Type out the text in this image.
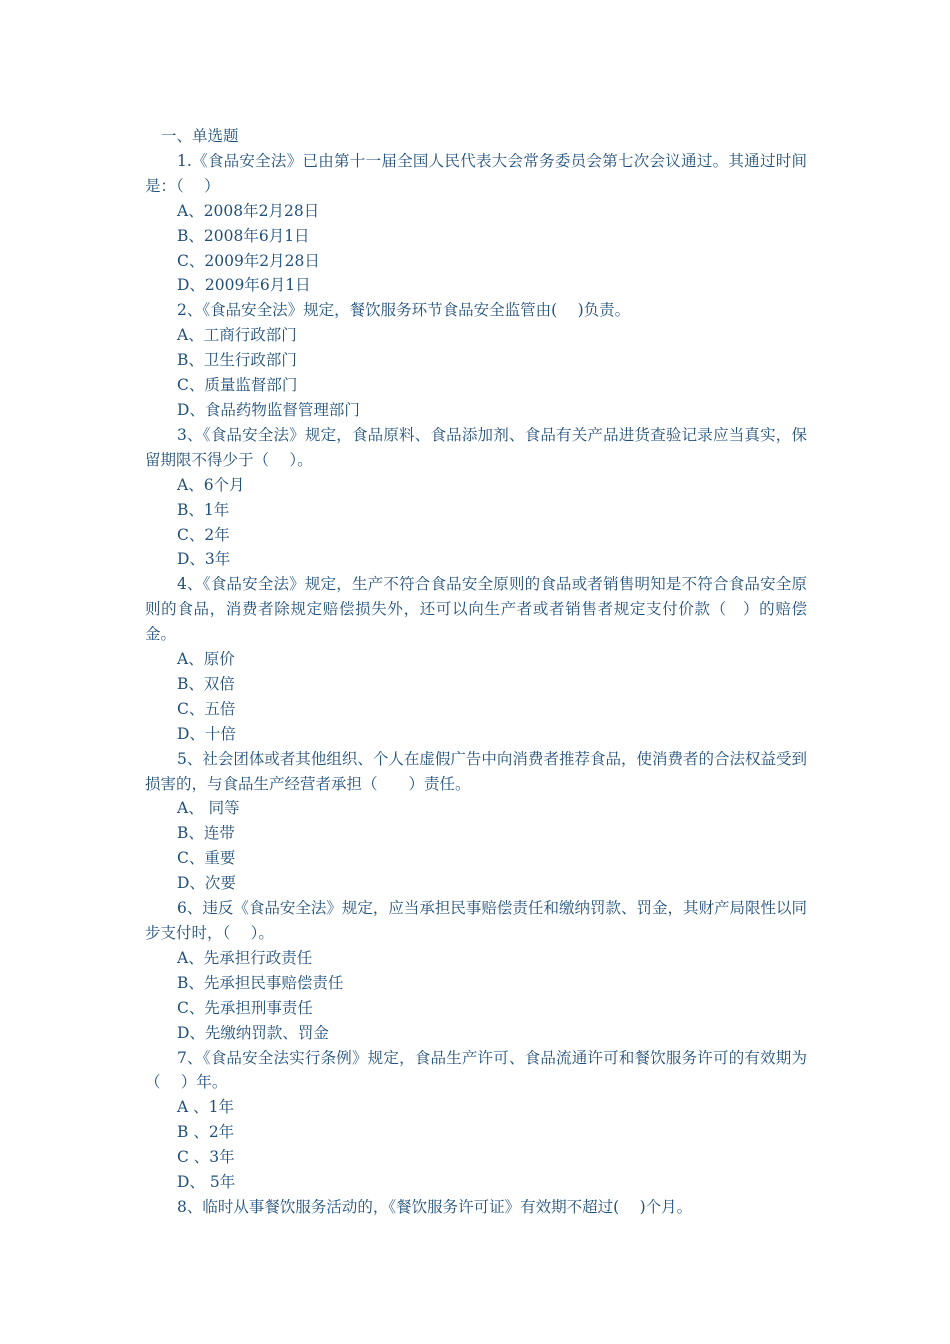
一、单选题

1.《食品安全法》已由第十一届全国人民代表大会常务委员会第七次会议通过。其通过时间是：（　 ）

A、2008年2月28日

B、2008年6月1日

C、2009年2月28日

D、2009年6月1日

2、《食品安全法》规定，餐饮服务环节食品安全监管由(　 )负责。

A、工商行政部门

B、卫生行政部门

C、质量监督部门

D、食品药物监督管理部门

3、《食品安全法》规定，食品原料、食品添加剂、食品有关产品进货查验记录应当真实，保留期限不得少于（　 ）。

A、6个月

B、1年

C、2年

D、3年

4、《食品安全法》规定，生产不符合食品安全原则的食品或者销售明知是不符合食品安全原则的食品，消费者除规定赔偿损失外，还可以向生产者或者销售者规定支付价款（　）的赔偿金。

A、原价

B、双倍

C、五倍

D、十倍

5、社会团体或者其他组织、个人在虚假广告中向消费者推荐食品，使消费者的合法权益受到损害的，与食品生产经营者承担（　　）责任。

A、 同等

B、连带

C、重要

D、次要

6、违反《食品安全法》规定，应当承担民事赔偿责任和缴纳罚款、罚金，其财产局限性以同步支付时，（　 ）。

A、先承担行政责任

B、先承担民事赔偿责任

C、先承担刑事责任

D、先缴纳罚款、罚金

7、《食品安全法实行条例》规定，食品生产许可、食品流通许可和餐饮服务许可的有效期为（　 ）年。

A 、1年

B 、2年

C 、3年

D、 5年

8、临时从事餐饮服务活动的，《餐饮服务许可证》有效期不超过(　 )个月。
